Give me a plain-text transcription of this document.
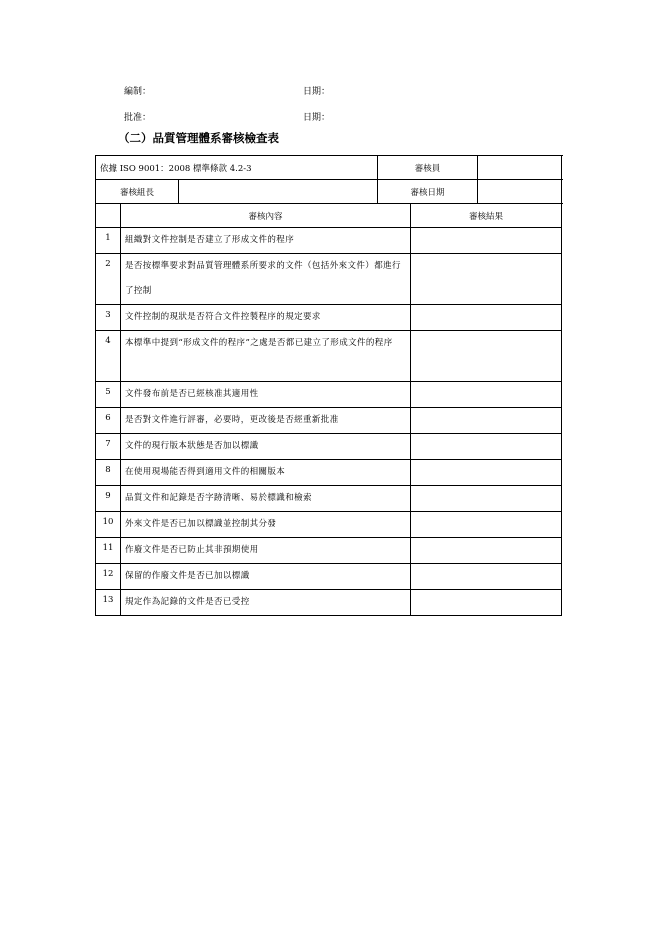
編制：	日期：
批准：	日期：
（二）品質管理體系審核檢查表
依據 ISO 9001：2008 標準條款 4.2-3		審核員	
審核組長		審核日期	
	審核內容	審核結果
1	組織對文件控制是否建立了形成文件的程序	
2	是否按標準要求對品質管理體系所要求的文件（包括外來文件）都進行了控制	
3	文件控制的現狀是否符合文件控製程序的規定要求	
4	本標準中提到“形成文件的程序”之處是否都已建立了形成文件的程序	
5	文件發布前是否已經核准其適用性	
6	是否對文件進行評審，必要時，更改後是否經重新批准	
7	文件的現行版本狀態是否加以標識	
8	在使用現場能否得到適用文件的相關版本	
9	品質文件和記錄是否字跡清晰、易於標識和檢索	
10	外來文件是否已加以標識並控制其分發	
11	作廢文件是否已防止其非預期使用	
12	保留的作廢文件是否已加以標識	
13	規定作為記錄的文件是否已受控	
